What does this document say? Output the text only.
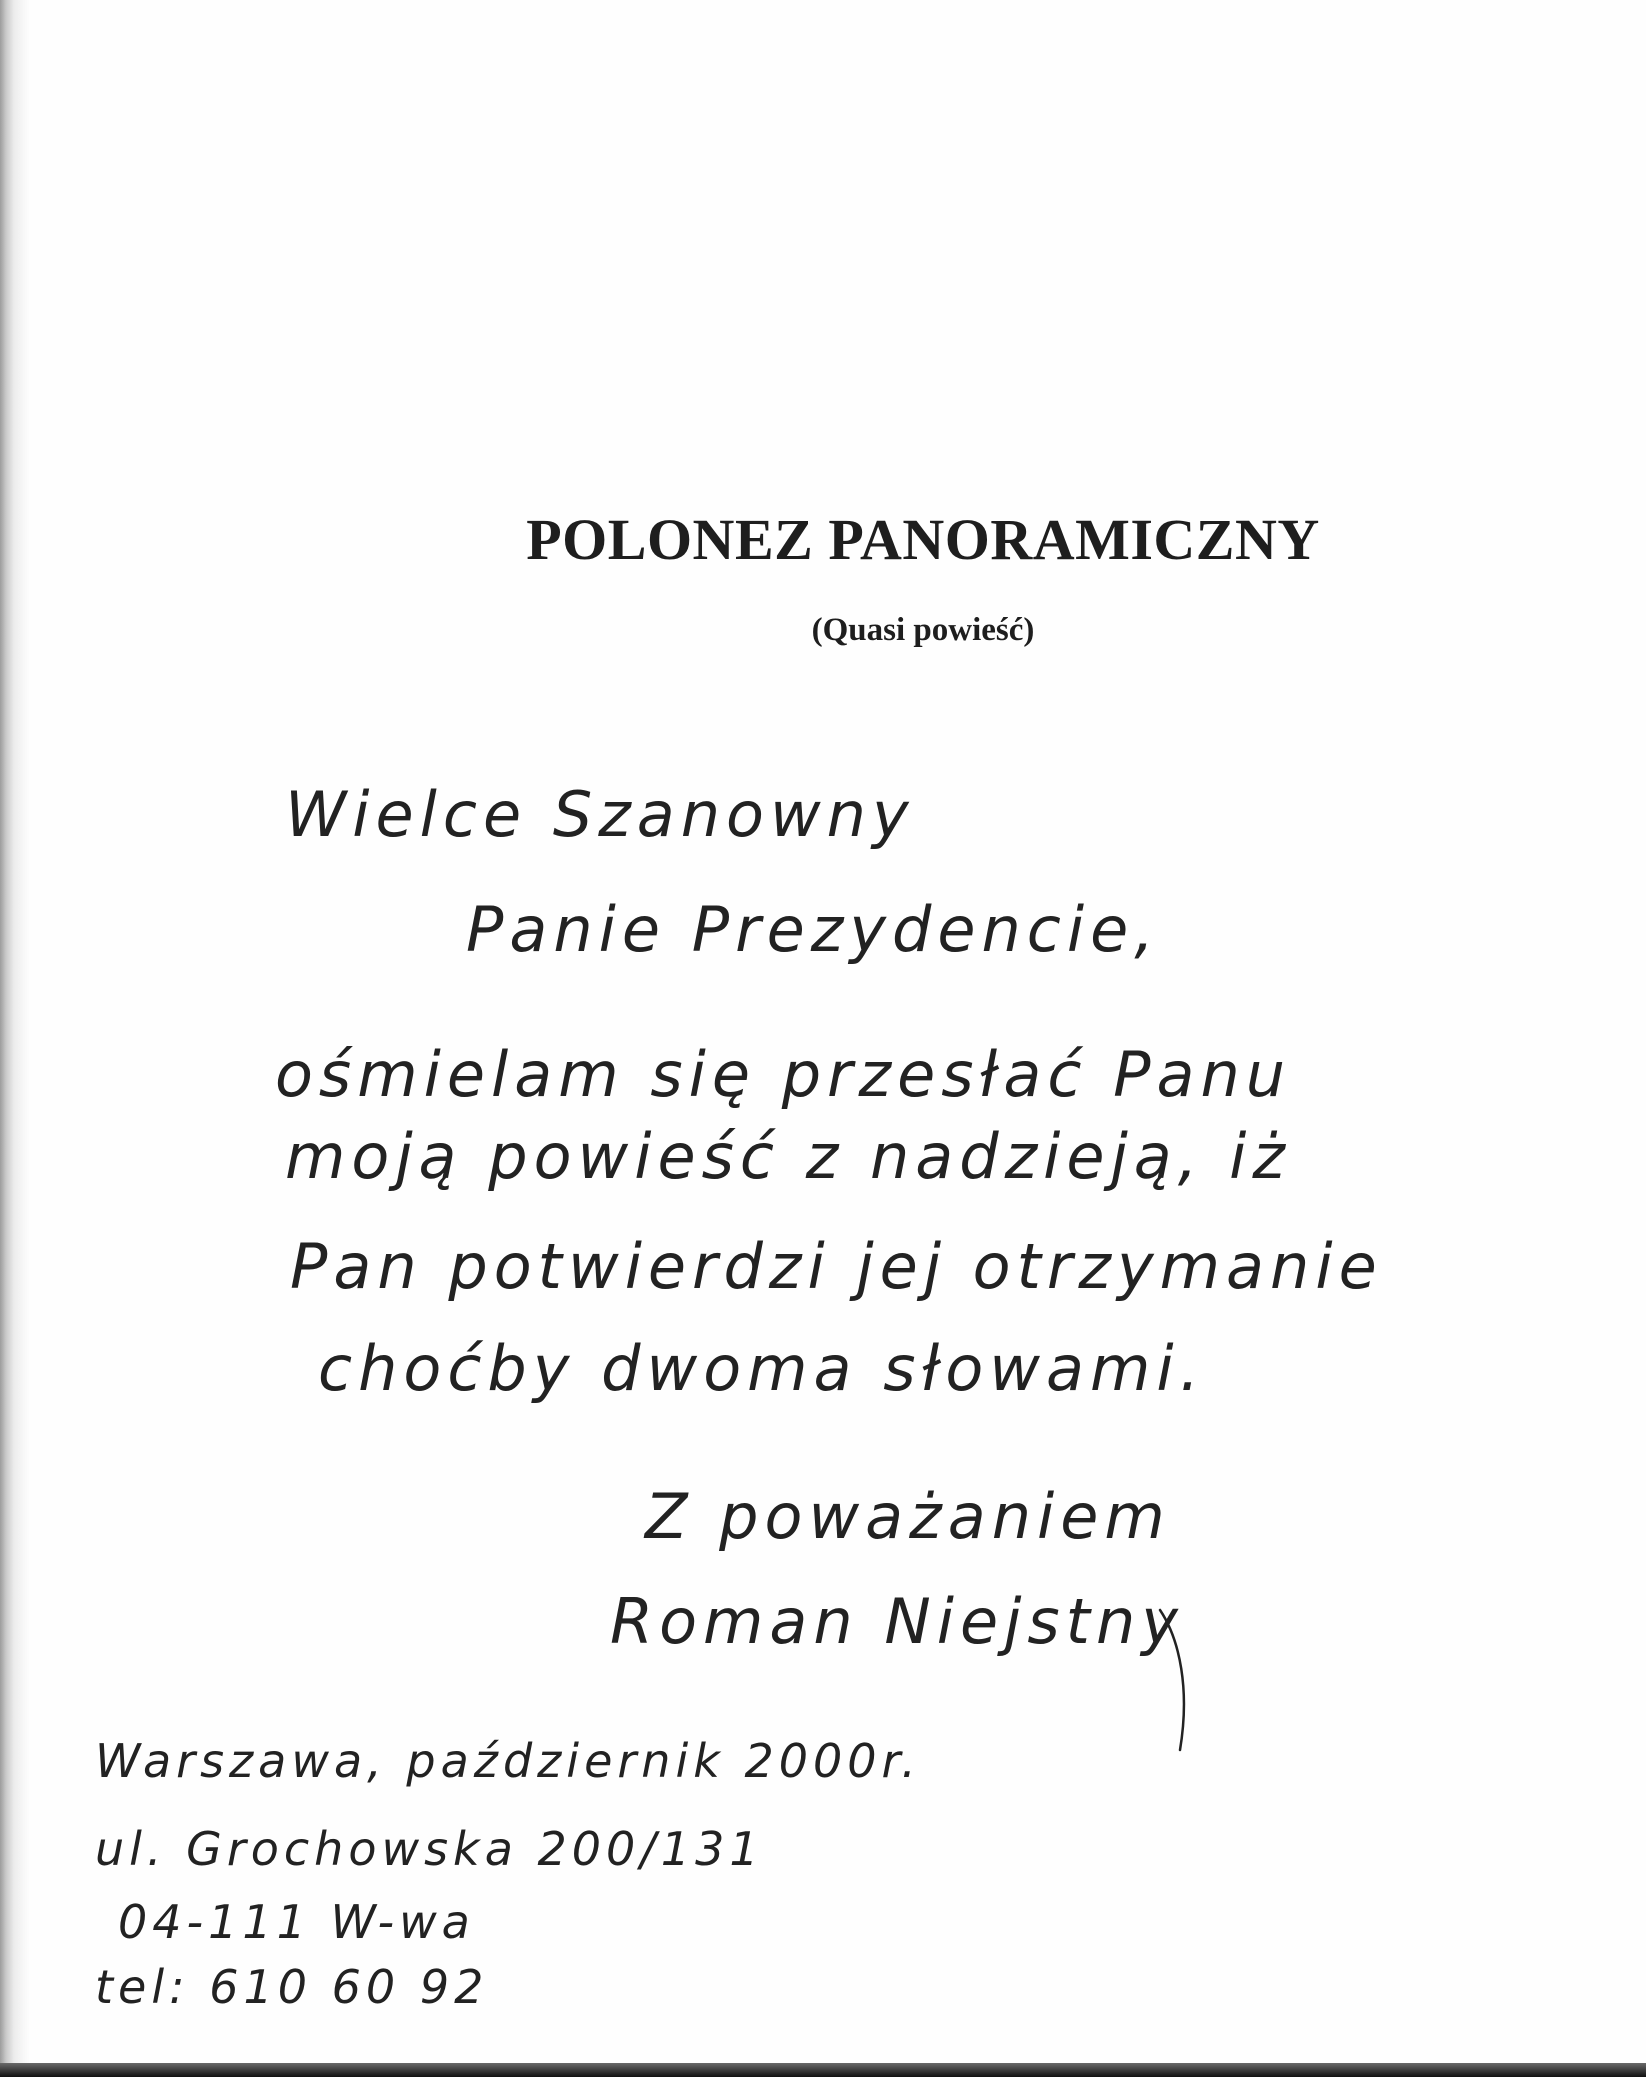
POLONEZ PANORAMICZNY
(Quasi powieść)

Wielce Szanowny

Panie Prezydencie,

ośmielam się przesłać Panu

moją powieść z nadzieją, iż

Pan potwierdzi jej otrzymanie

choćby dwoma słowami.

Z poważaniem

Roman Niejstny

Warszawa, październik 2000r.

ul. Grochowska 200/131

04-111 W-wa

tel: 610 60 92
